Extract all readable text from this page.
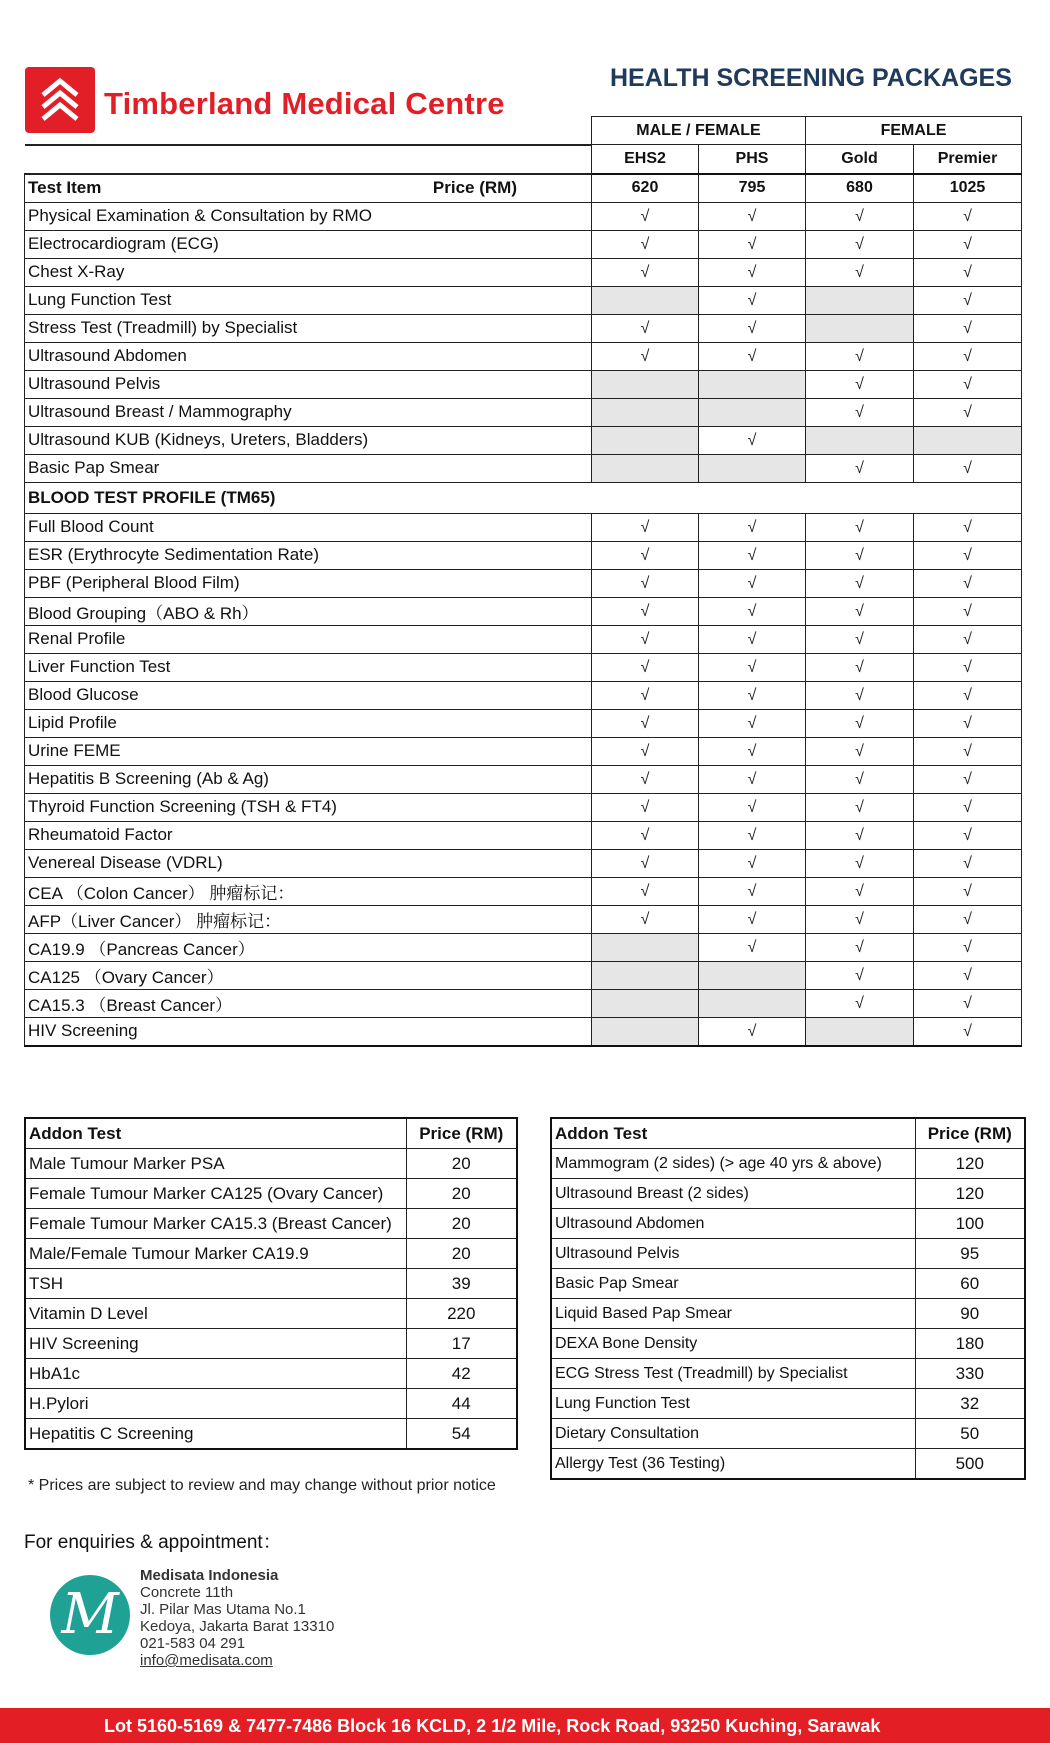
Timberland Medical Centre
HEALTH SCREENING PACKAGES
	MALE / FEMALE		FEMALE	
	EHS2	PHS	Gold	Premier
Test Item Price (RM)	620	795	680	1025
Physical Examination & Consultation by RMO	√	√	√	√
Electrocardiogram (ECG)	√	√	√	√
Chest X-Ray	√	√	√	√
Lung Function Test		√		√
Stress Test (Treadmill) by Specialist	√	√		√
Ultrasound Abdomen	√	√	√	√
Ultrasound Pelvis			√	√
Ultrasound Breast / Mammography			√	√
Ultrasound KUB (Kidneys, Ureters, Bladders)		√		
Basic Pap Smear			√	√
BLOOD TEST PROFILE (TM65)				
Full Blood Count	√	√	√	√
ESR (Erythrocyte Sedimentation Rate)	√	√	√	√
PBF (Peripheral Blood Film)	√	√	√	√
Blood Grouping（ABO & Rh）	√	√	√	√
Renal Profile	√	√	√	√
Liver Function Test	√	√	√	√
Blood Glucose	√	√	√	√
Lipid Profile	√	√	√	√
Urine FEME	√	√	√	√
Hepatitis B Screening (Ab & Ag)	√	√	√	√
Thyroid Function Screening (TSH & FT4)	√	√	√	√
Rheumatoid Factor	√	√	√	√
Venereal Disease (VDRL)	√	√	√	√
CEA （Colon Cancer） 肿瘤标记：	√	√	√	√
AFP（Liver Cancer） 肿瘤标记：	√	√	√	√
CA19.9 （Pancreas Cancer）		√	√	√
CA125 （Ovary Cancer）			√	√
CA15.3 （Breast Cancer）			√	√
HIV Screening		√		√
Addon Test	Price (RM)
Male Tumour Marker PSA	20
Female Tumour Marker CA125 (Ovary Cancer)	20
Female Tumour Marker CA15.3 (Breast Cancer)	20
Male/Female Tumour Marker CA19.9	20
TSH	39
Vitamin D Level	220
HIV Screening	17
HbA1c	42
H.Pylori	44
Hepatitis C Screening	54
Addon Test	Price (RM)
Mammogram (2 sides) (> age 40 yrs & above)	120
Ultrasound Breast (2 sides)	120
Ultrasound Abdomen	100
Ultrasound Pelvis	95
Basic Pap Smear	60
Liquid Based Pap Smear	90
DEXA Bone Density	180
ECG Stress Test (Treadmill) by Specialist	330
Lung Function Test	32
Dietary Consultation	50
Allergy Test (36 Testing)	500
* Prices are subject to review and may change without prior notice
For enquiries & appointment：
M
Medisata Indonesia
Concrete 11th
Jl. Pilar Mas Utama No.1
Kedoya, Jakarta Barat 13310
021-583 04 291
info@medisata.com
Lot 5160-5169 & 7477-7486 Block 16 KCLD, 2 1/2 Mile, Rock Road, 93250 Kuching, Sarawak
